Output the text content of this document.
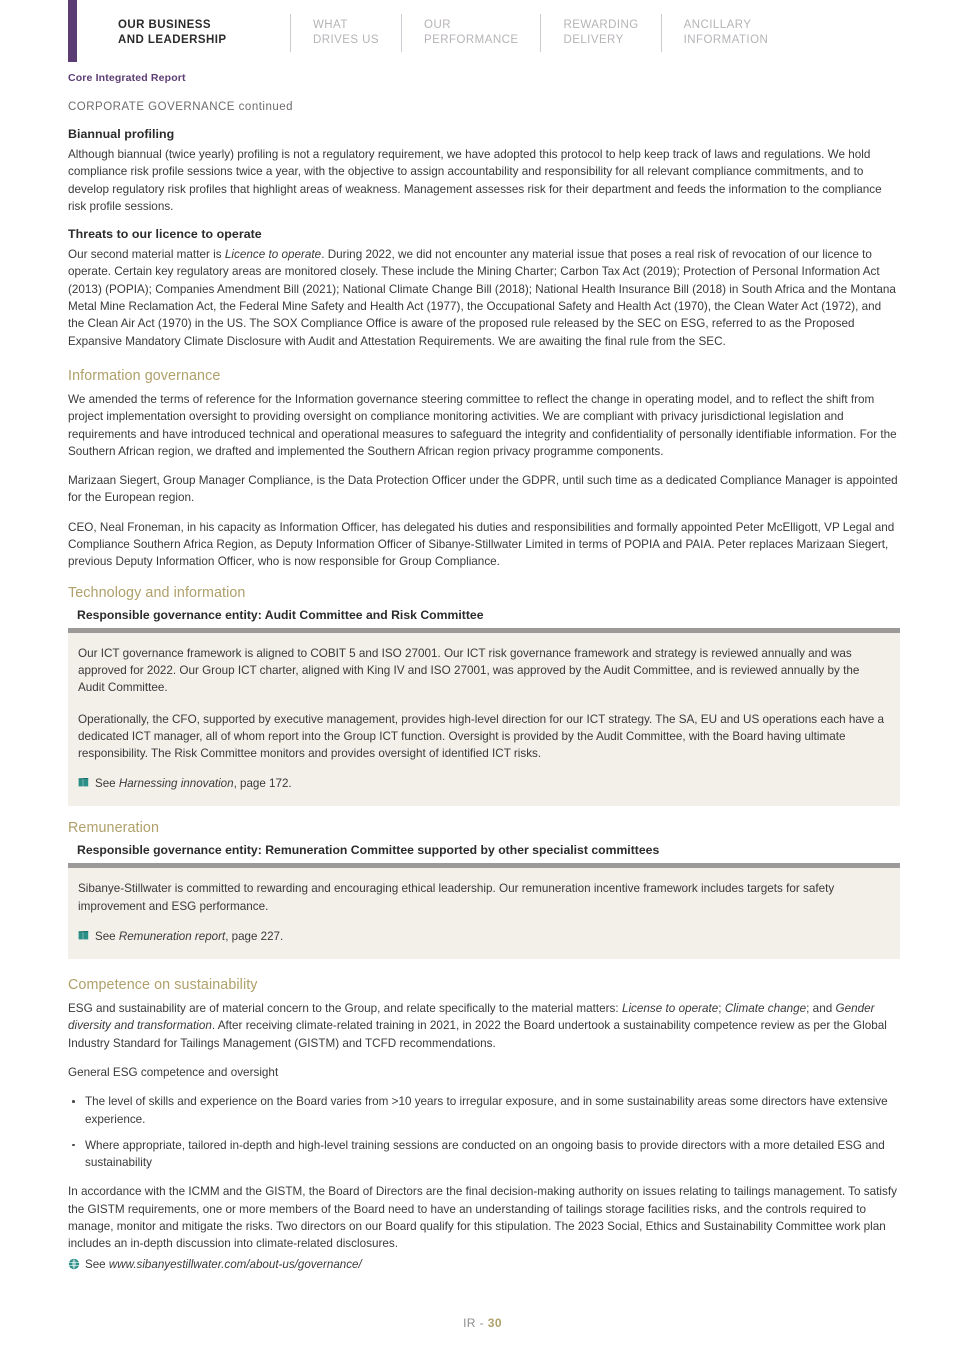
OUR BUSINESS
AND LEADERSHIP
WHAT
DRIVES US
OUR
PERFORMANCE
REWARDING
DELIVERY
ANCILLARY
INFORMATION
Core Integrated Report
CORPORATE GOVERNANCE continued
Biannual profiling

Although biannual (twice yearly) profiling is not a regulatory requirement, we have adopted this protocol to help keep track of laws and regulations. We hold compliance risk profile sessions twice a year, with the objective to assign accountability and responsibility for all relevant compliance commitments, and to develop regulatory risk profiles that highlight areas of weakness. Management assesses risk for their department and feeds the information to the compliance risk profile sessions.

Threats to our licence to operate

Our second material matter is Licence to operate. During 2022, we did not encounter any material issue that poses a real risk of revocation of our licence to operate. Certain key regulatory areas are monitored closely. These include the Mining Charter; Carbon Tax Act (2019); Protection of Personal Information Act (2013) (POPIA); Companies Amendment Bill (2021); National Climate Change Bill (2018); National Health Insurance Bill (2018) in South Africa and the Montana Metal Mine Reclamation Act, the Federal Mine Safety and Health Act (1977), the Occupational Safety and Health Act (1970), the Clean Water Act (1972), and the Clean Air Act (1970) in the US. The SOX Compliance Office is aware of the proposed rule released by the SEC on ESG, referred to as the Proposed Expansive Mandatory Climate Disclosure with Audit and Attestation Requirements. We are awaiting the final rule from the SEC.

Information governance

We amended the terms of reference for the Information governance steering committee to reflect the change in operating model, and to reflect the shift from project implementation oversight to providing oversight on compliance monitoring activities. We are compliant with privacy jurisdictional legislation and requirements and have introduced technical and operational measures to safeguard the integrity and confidentiality of personally identifiable information. For the Southern African region, we drafted and implemented the Southern African region privacy programme components.

Marizaan Siegert, Group Manager Compliance, is the Data Protection Officer under the GDPR, until such time as a dedicated Compliance Manager is appointed for the European region.

CEO, Neal Froneman, in his capacity as Information Officer, has delegated his duties and responsibilities and formally appointed Peter McElligott, VP Legal and Compliance Southern Africa Region, as Deputy Information Officer of Sibanye-Stillwater Limited in terms of POPIA and PAIA. Peter replaces Marizaan Siegert, previous Deputy Information Officer, who is now responsible for Group Compliance.

Technology and information
Responsible governance entity: Audit Committee and Risk Committee

Our ICT governance framework is aligned to COBIT 5 and ISO 27001. Our ICT risk governance framework and strategy is reviewed annually and was approved for 2022. Our Group ICT charter, aligned with King IV and ISO 27001, was approved by the Audit Committee, and is reviewed annually by the Audit Committee.

Operationally, the CFO, supported by executive management, provides high-level direction for our ICT strategy. The SA, EU and US operations each have a dedicated ICT manager, all of whom report into the Group ICT function. Oversight is provided by the Audit Committee, with the Board having ultimate responsibility. The Risk Committee monitors and provides oversight of identified ICT risks.

See Harnessing innovation, page 172.
Remuneration
Responsible governance entity: Remuneration Committee supported by other specialist committees

Sibanye-Stillwater is committed to rewarding and encouraging ethical leadership. Our remuneration incentive framework includes targets for safety improvement and ESG performance.

See Remuneration report, page 227.
Competence on sustainability

ESG and sustainability are of material concern to the Group, and relate specifically to the material matters: License to operate; Climate change; and Gender diversity and transformation. After receiving climate-related training in 2021, in 2022 the Board undertook a sustainability competence review as per the Global Industry Standard for Tailings Management (GISTM) and TCFD recommendations.

General ESG competence and oversight

The level of skills and experience on the Board varies from >10 years to irregular exposure, and in some sustainability areas some directors have extensive experience.
Where appropriate, tailored in-depth and high-level training sessions are conducted on an ongoing basis to provide directors with a more detailed ESG and sustainability

In accordance with the ICMM and the GISTM, the Board of Directors are the final decision-making authority on issues relating to tailings management. To satisfy the GISTM requirements, one or more members of the Board need to have an understanding of tailings storage facilities risks, and the controls required to manage, monitor and mitigate the risks. Two directors on our Board qualify for this stipulation. The 2023 Social, Ethics and Sustainability Committee work plan includes an in-depth discussion into climate-related disclosures.

See www.sibanyestillwater.com/about-us/governance/
IR - 30
